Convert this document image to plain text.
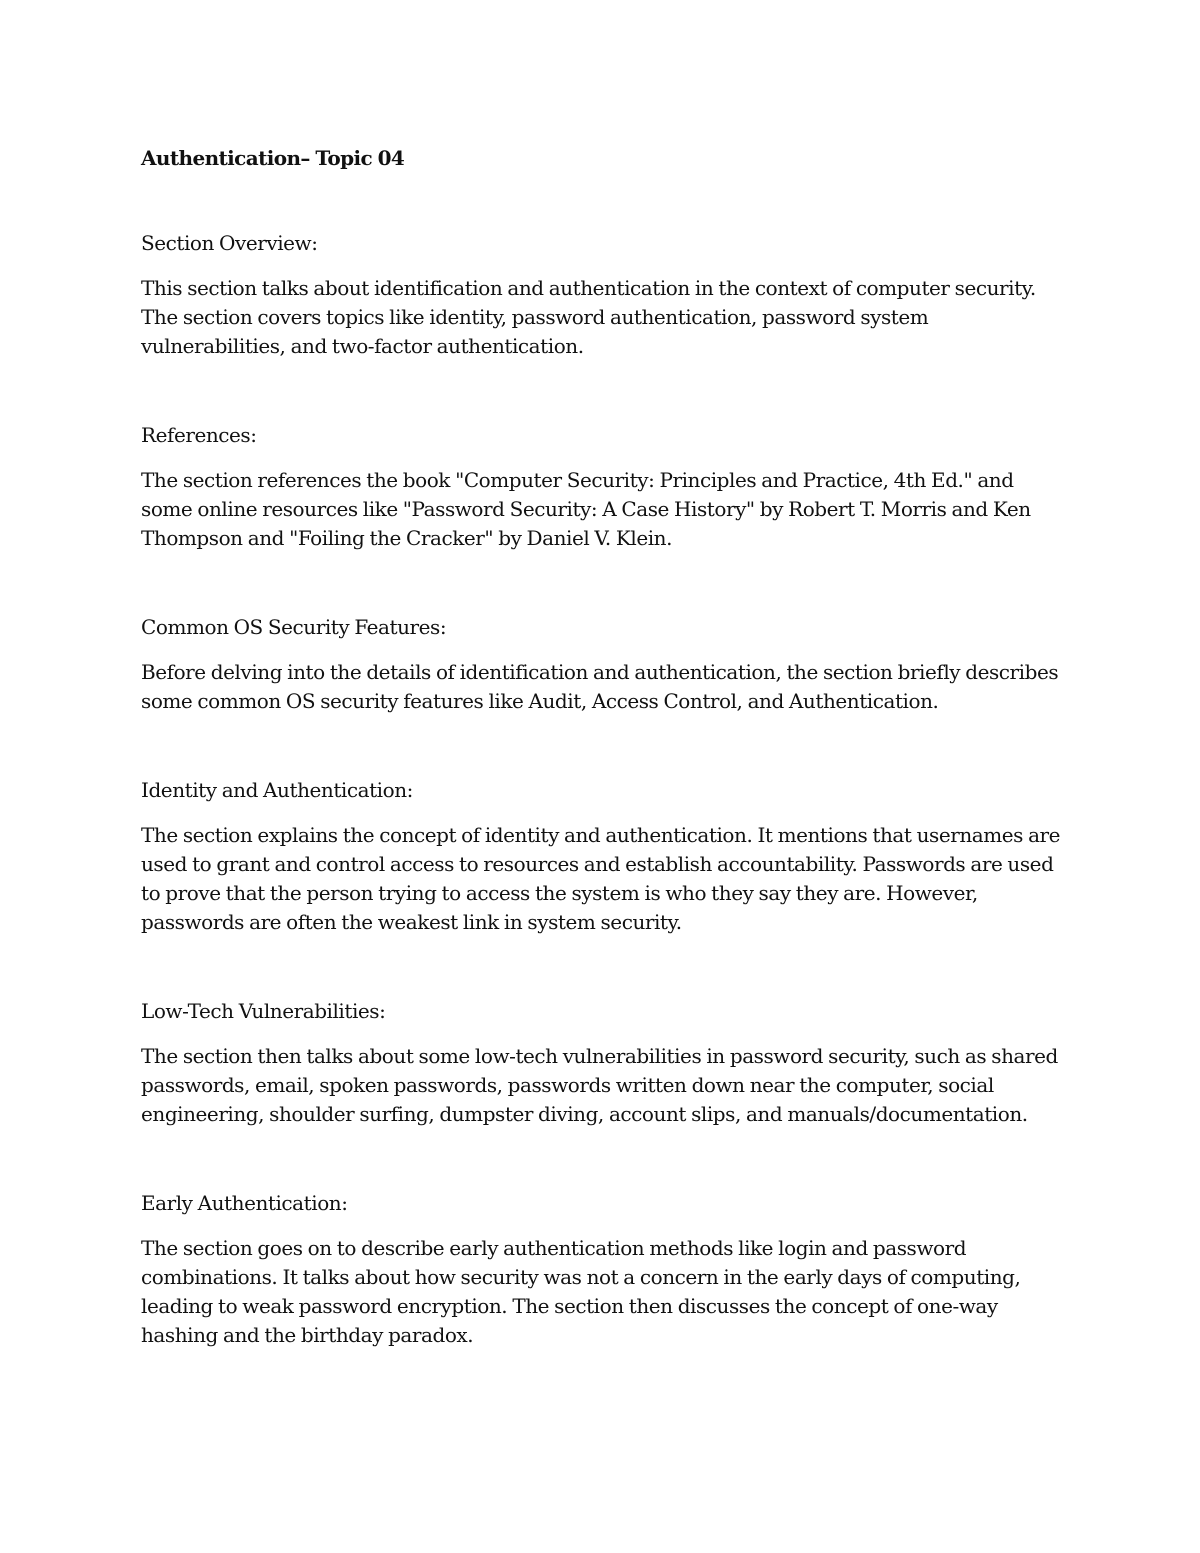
Authentication– Topic 04
Section Overview:

This section talks about identification and authentication in the context of computer security. The section covers topics like identity, password authentication, password system vulnerabilities, and two-factor authentication.

References:

The section references the book "Computer Security: Principles and Practice, 4th Ed." and some online resources like "Password Security: A Case History" by Robert T. Morris and Ken Thompson and "Foiling the Cracker" by Daniel V. Klein.

Common OS Security Features:

Before delving into the details of identification and authentication, the section briefly describes some common OS security features like Audit, Access Control, and Authentication.

Identity and Authentication:

The section explains the concept of identity and authentication. It mentions that usernames are used to grant and control access to resources and establish accountability. Passwords are used to prove that the person trying to access the system is who they say they are. However, passwords are often the weakest link in system security.

Low-Tech Vulnerabilities:

The section then talks about some low-tech vulnerabilities in password security, such as shared passwords, email, spoken passwords, passwords written down near the computer, social engineering, shoulder surfing, dumpster diving, account slips, and manuals/documentation.

Early Authentication:

The section goes on to describe early authentication methods like login and password combinations. It talks about how security was not a concern in the early days of computing, leading to weak password encryption. The section then discusses the concept of one-way hashing and the birthday paradox.
